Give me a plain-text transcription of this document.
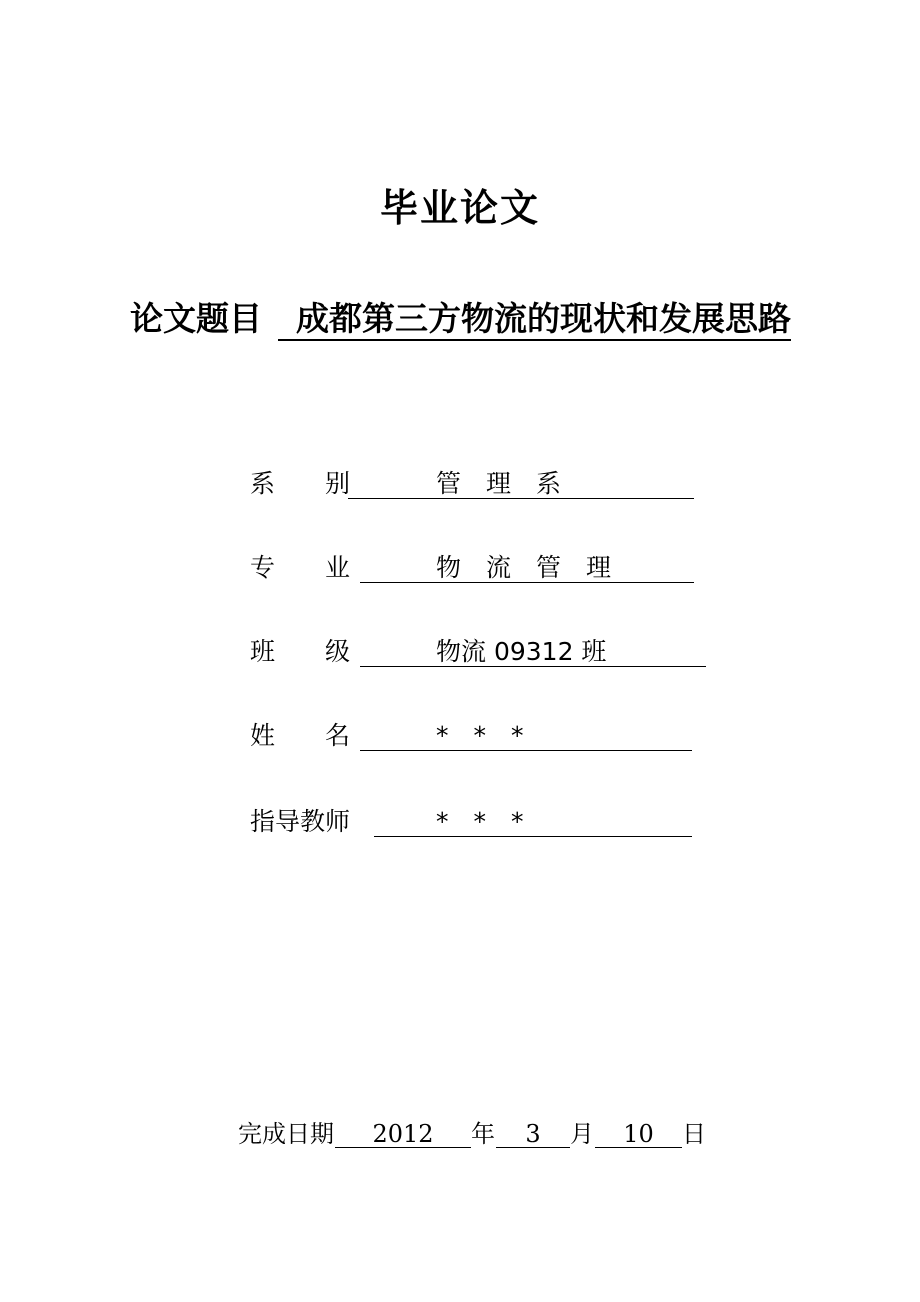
毕业论文
论文题目 成都第三方物流的现状和发展思路
系别 管　理　系
专业 物　流　管　理
班级 物流 09312 班
姓名 *　*　*
指导教师	*　*　*
完成日期	2012	年	3	月	10	日
